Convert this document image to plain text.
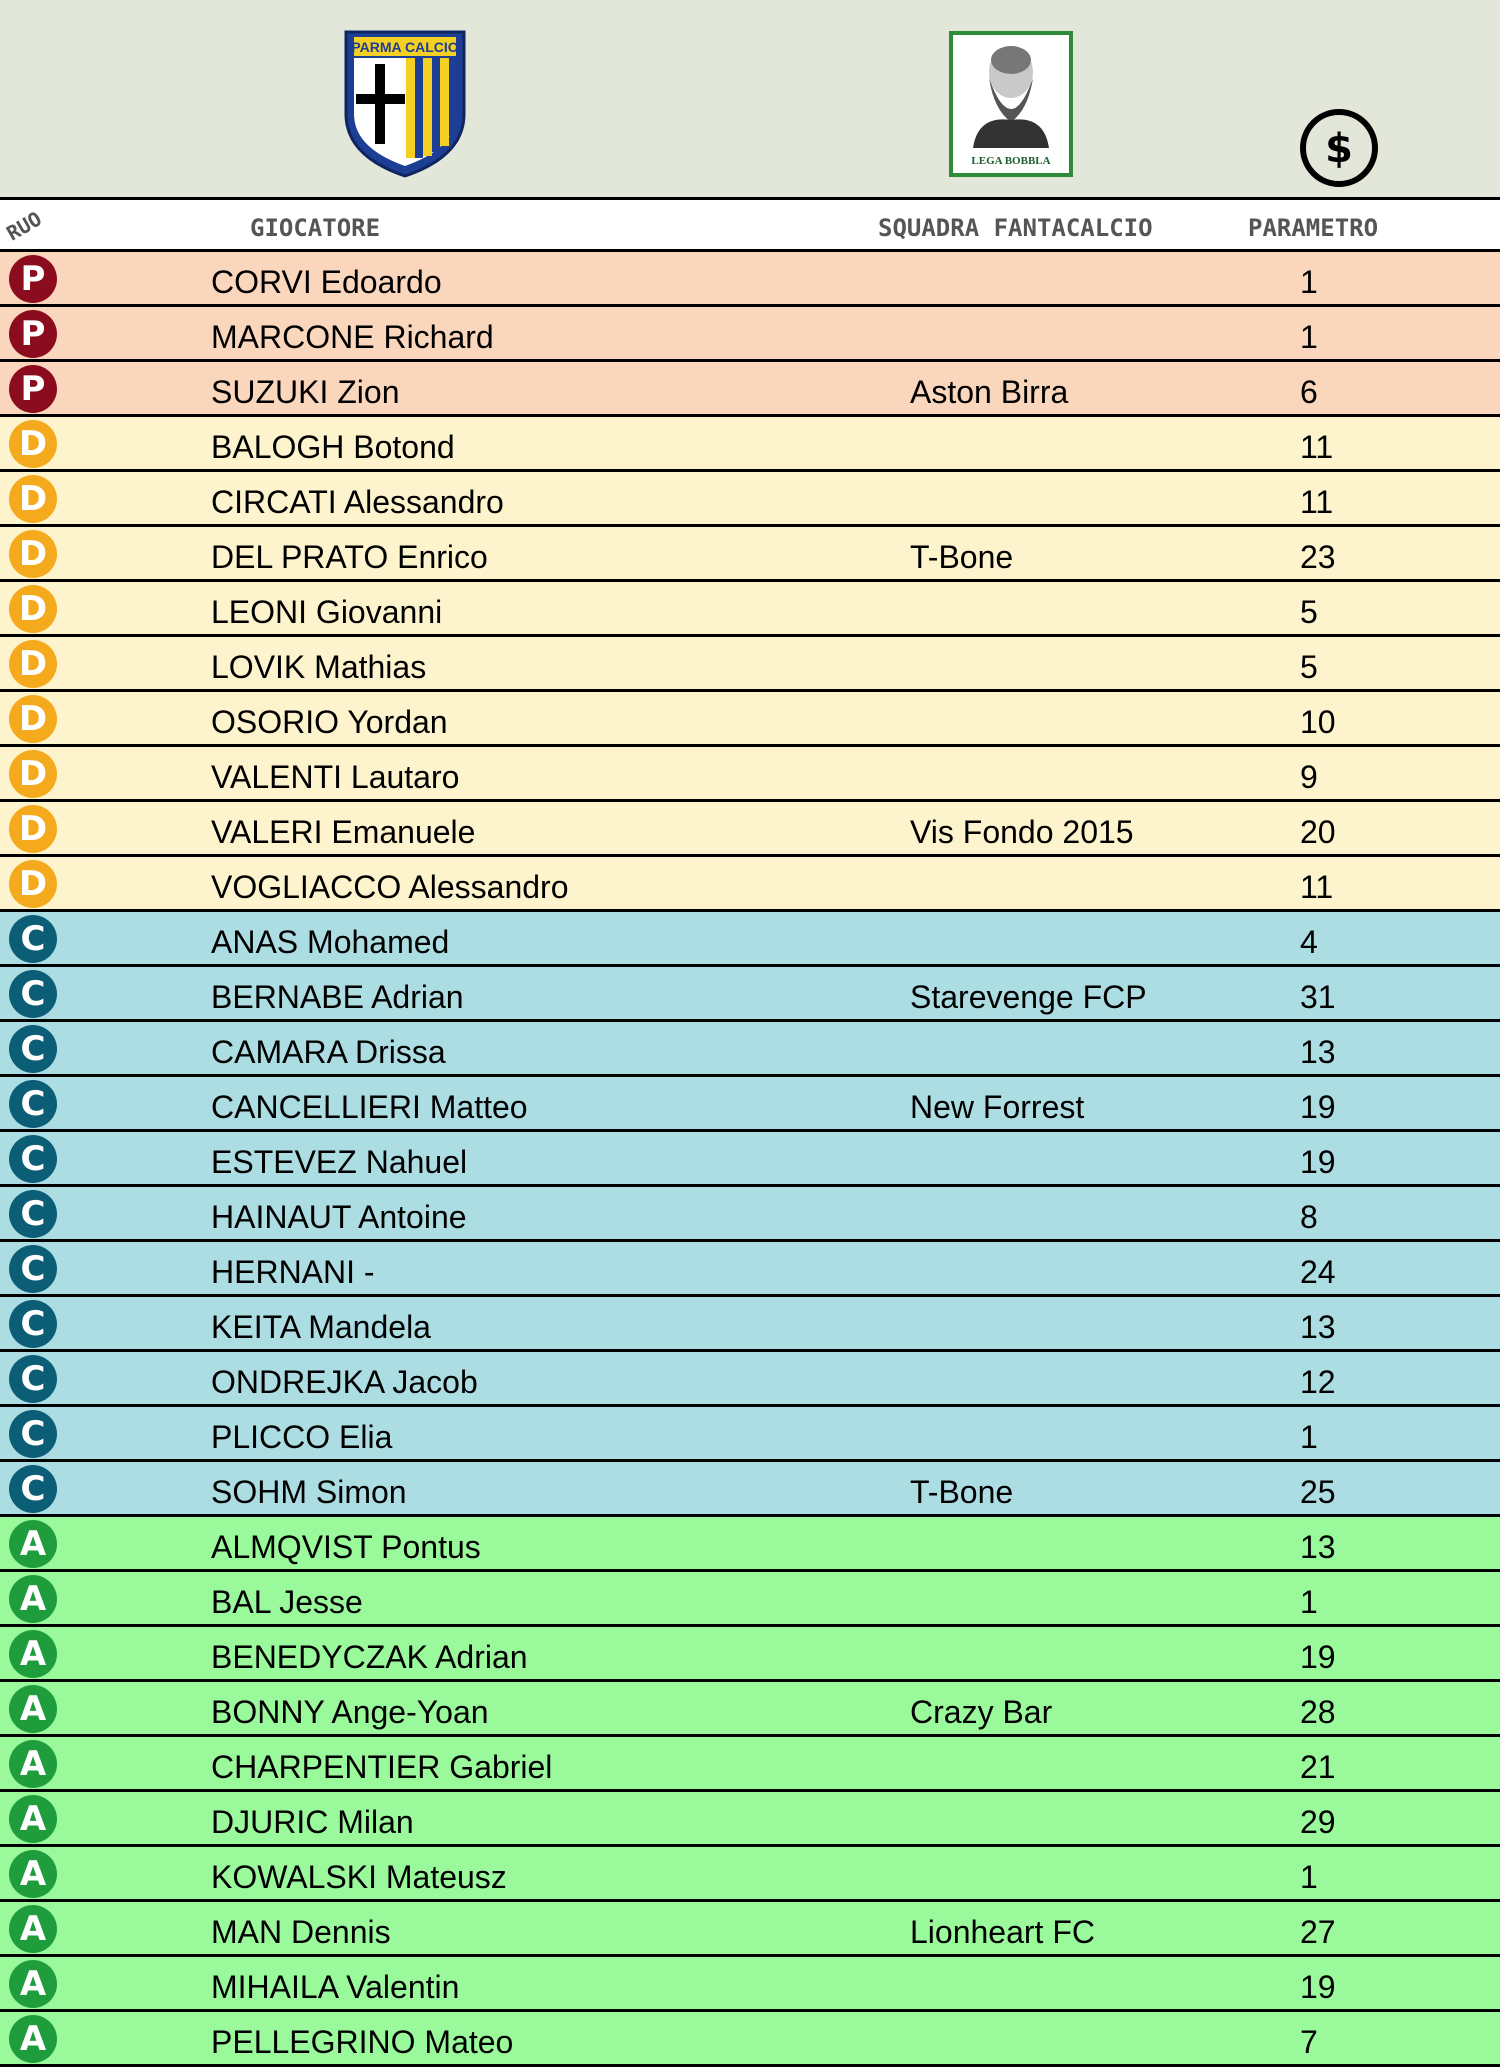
PARMA CALCIO
LEGA BOBBLA	$
RUO	GIOCATORE	SQUADRA FANTACALCIO	PARAMETRO
P	CORVI Edoardo	1
P	MARCONE Richard	1
P	SUZUKI Zion	Aston Birra	6
D	BALOGH Botond	11
D	CIRCATI Alessandro	11
D	DEL PRATO Enrico	T-Bone	23
D	LEONI Giovanni	5
D	LOVIK Mathias	5
D	OSORIO Yordan	10
D	VALENTI Lautaro	9
D	VALERI Emanuele	Vis Fondo 2015	20
D	VOGLIACCO Alessandro	11
C	ANAS Mohamed	4
C	BERNABE Adrian	Starevenge FCP	31
C	CAMARA Drissa	13
C	CANCELLIERI Matteo	New Forrest	19
C	ESTEVEZ Nahuel	19
C	HAINAUT Antoine	8
C	HERNANI -	24
C	KEITA Mandela	13
C	ONDREJKA Jacob	12
C	PLICCO Elia	1
C	SOHM Simon	T-Bone	25
A	ALMQVIST Pontus	13
A	BAL Jesse	1
A	BENEDYCZAK Adrian	19
A	BONNY Ange-Yoan	Crazy Bar	28
A	CHARPENTIER Gabriel	21
A	DJURIC Milan	29
A	KOWALSKI Mateusz	1
A	MAN Dennis	Lionheart FC	27
A	MIHAILA Valentin	19
A	PELLEGRINO Mateo	7
